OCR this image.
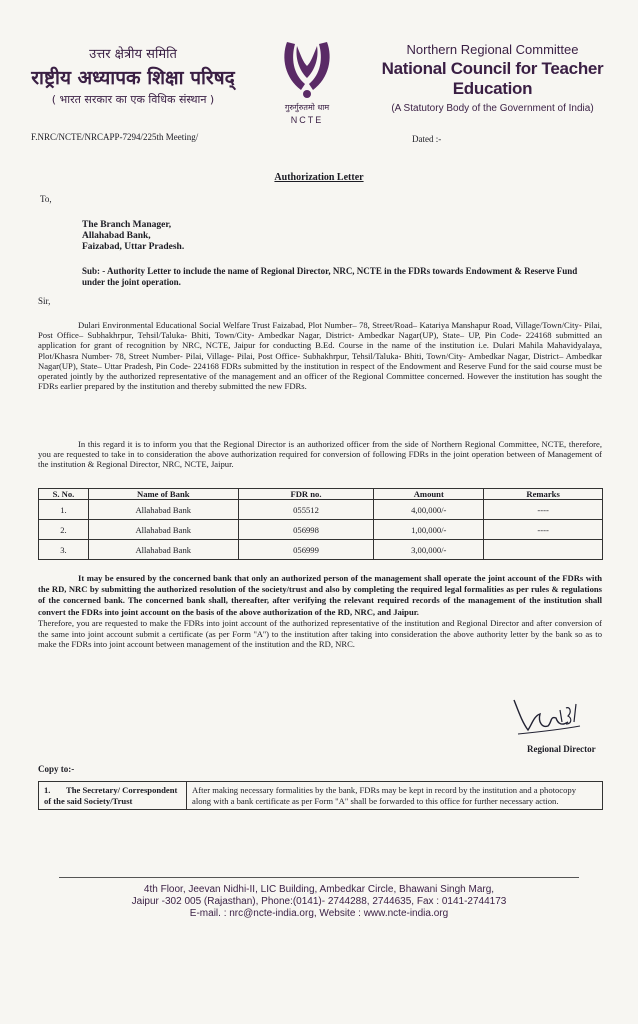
उत्तर क्षेत्रीय समिति
राष्ट्रीय अध्यापक शिक्षा परिषद्
( भारत सरकार का एक विधिक संस्थान )
गुरुर्गुरुतमो धाम
NCTE
Northern Regional Committee
National Council for Teacher Education
(A Statutory Body of the Government of India)
F.NRC/NCTE/NRCAPP-7294/225th Meeting/	Dated :-
Authorization Letter
To,
The Branch Manager,
Allahabad Bank,
Faizabad, Uttar Pradesh.
Sub: - Authority Letter to include the name of Regional Director, NRC, NCTE in the FDRs towards Endowment & Reserve Fund under the joint operation.
Sir,
Dulari Environmental Educational Social Welfare Trust Faizabad, Plot Number– 78, Street/Road– Katariya Manshapur Road, Village/Town/City- Pilai, Post Office– Subhakhrpur, Tehsil/Taluka- Bhiti, Town/City- Ambedkar Nagar, District- Ambedkar Nagar(UP), State– UP, Pin Code- 224168 submitted an application for grant of recognition by NRC, NCTE, Jaipur for conducting B.Ed. Course in the name of the institution i.e. Dulari Mahila Mahavidyalaya, Plot/Khasra Number- 78, Street Number- Pilai, Village- Pilai, Post Office- Subhakhrpur, Tehsil/Taluka- Bhiti, Town/City- Ambedkar Nagar, District– Ambedkar Nagar(UP), State– Uttar Pradesh, Pin Code- 224168 FDRs submitted by the institution in respect of the Endowment and Reserve Fund for the said course must be operated jointly by the authorized representative of the management and an officer of the Regional Committee concerned. However the institution has sought the FDRs earlier prepared by the institution and thereby submitted the new FDRs.
In this regard it is to inform you that the Regional Director is an authorized officer from the side of Northern Regional Committee, NCTE, therefore, you are requested to take in to consideration the above authorization required for conversion of following FDRs in the joint operation between of Management of the institution & Regional Director, NRC, NCTE, Jaipur.
S. No.	Name of Bank	FDR no.	Amount	Remarks
1.	Allahabad Bank	055512	4,00,000/-	----
2.	Allahabad Bank	056998	1,00,000/-	----
3.	Allahabad Bank	056999	3,00,000/-	
It may be ensured by the concerned bank that only an authorized person of the management shall operate the joint account of the FDRs with the RD, NRC by submitting the authorized resolution of the society/trust and also by completing the required legal formalities as per rules & regulations of the concerned bank. The concerned bank shall, thereafter, after verifying the relevant required records of the management of the institution shall convert the FDRs into joint account on the basis of the above authorization of the RD, NRC, and Jaipur.
Therefore, you are requested to make the FDRs into joint account of the authorized representative of the institution and Regional Director and after conversion of the same into joint account submit a certificate (as per Form ''A'') to the institution after taking into consideration the above authority letter by the bank so as to make the FDRs into joint account between management of the institution and the RD, NRC.
Regional Director
Copy to:-
1. The Secretary/ Correspondent of the said Society/Trust	After making necessary formalities by the bank, FDRs may be kept in record by the institution and a photocopy along with a bank certificate as per Form "A" shall be forwarded to this office for further necessary action.
4th Floor, Jeevan Nidhi-II, LIC Building, Ambedkar Circle, Bhawani Singh Marg,
Jaipur -302 005 (Rajasthan), Phone:(0141)- 2744288, 2744635, Fax : 0141-2744173
E-mail. : nrc@ncte-india.org, Website : www.ncte-india.org
